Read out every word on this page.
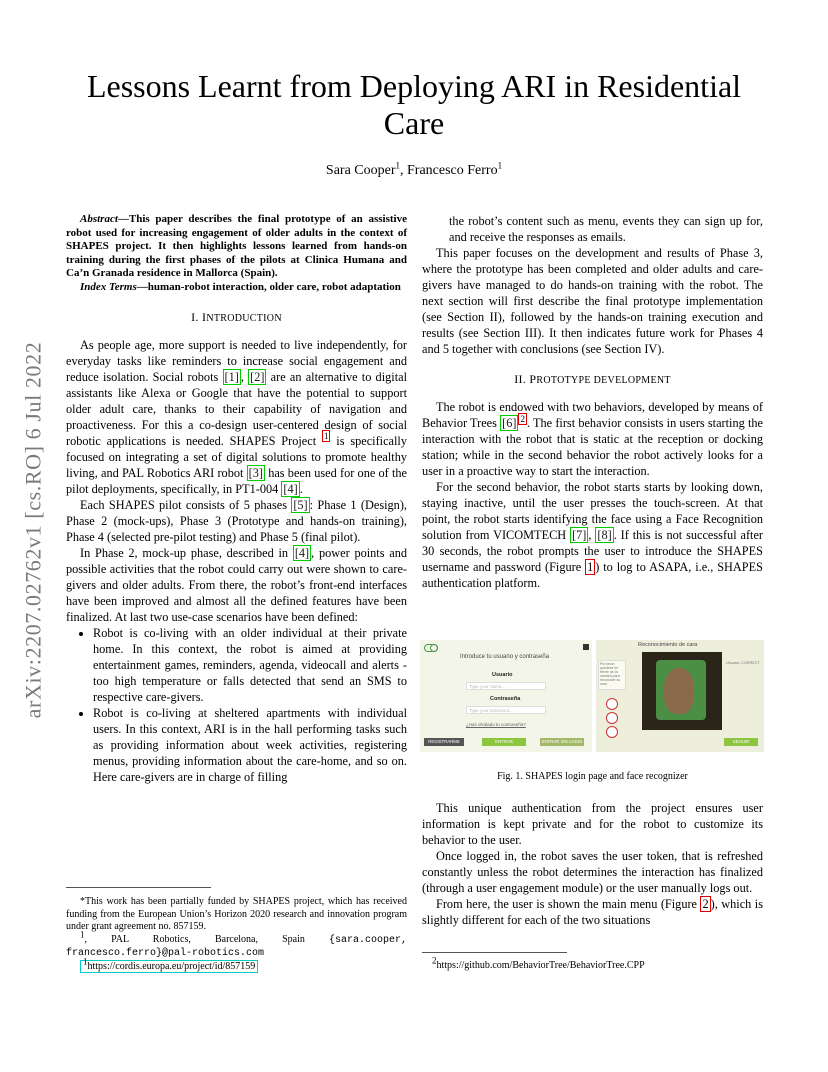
arXiv:2207.02762v1 [cs.RO] 6 Jul 2022
Lessons Learnt from Deploying ARI in Residential Care
Sara Cooper$^1$, Francesco Ferro$^1$

Abstract—This paper describes the final prototype of an assistive robot used for increasing engagement of older adults in the context of SHAPES project. It then highlights lessons learned from hands-on training during the first phases of the pilots at Clinica Humana and Ca’n Granada residence in Mallorca (Spain).

Index Terms—human-robot interaction, older care, robot adaptation

I. INTRODUCTION

As people age, more support is needed to live independently, for everyday tasks like reminders to increase social engagement and reduce isolation. Social robots [1] , [2] are an alternative to digital assistants like Alexa or Google that have the potential to support older adult care, thanks to their capability of navigation and proactiveness. For this a co-design user-centered design of social robotic applications is needed. SHAPES Project $^1$ is specifically focused on integrating a set of digital solutions to promote healthy living, and PAL Robotics ARI robot [3] has been used for one of the pilot deployments, specifically, in PT1-004 [4] .

Each SHAPES pilot consists of 5 phases [5] : Phase 1 (Design), Phase 2 (mock-ups), Phase 3 (Prototype and hands-on training), Phase 4 (selected pre-pilot testing) and Phase 5 (final pilot).

In Phase 2, mock-up phase, described in [4] , power points and possible activities that the robot could carry out were shown to care-givers and older adults. From there, the robot’s front-end interfaces have been improved and almost all the defined features have been finalized. At last two use-case scenarios have been defined:

• Robot is co-living with an older individual at their private home. In this context, the robot is aimed at providing entertainment games, reminders, agenda, videocall and alerts - too high temperature or falls detected that send an SMS to respective care-givers.
• Robot is co-living at sheltered apartments with individual users. In this context, ARI is in the hall performing tasks such as providing information about week activities, registering menus, providing information about the care-home, and so on. Here care-givers are in charge of filling

*This work has been partially funded by SHAPES project, which has received funding from the European Union’s Horizon 2020 research and innovation program under grant agreement no. 857159.

$^1$, PAL Robotics, Barcelona, Spain {sara.cooper, francesco.ferro}@pal-robotics.com

$^1$https://cordis.europa.eu/project/id/857159

the robot’s content such as menu, events they can sign up for, and receive the responses as emails.

This paper focuses on the development and results of Phase 3, where the prototype has been completed and older adults and care-givers have managed to do hands-on training with the robot. The next section will first describe the final prototype implementation (see Section II), followed by the hands-on training execution and results (see Section III). It then indicates future work for Phases 4 and 5 together with conclusions (see Section IV).

II. PROTOTYPE DEVELOPMENT

The robot is endowed with two behaviors, developed by means of Behavior Trees [6] $^2$ . The first behavior consists in users starting the interaction with the robot that is static at the reception or docking station; while in the second behavior the robot actively looks for a user in a proactive way to start the interaction.

For the second behavior, the robot starts starts by looking down, staying inactive, until the user presses the touch-screen. At that point, the robot starts identifying the face using a Face Recognition solution from VICOMTECH [7] , [8] . If this is not successful after 30 seconds, the robot prompts the user to introduce the SHAPES username and password (Figure 1 ) to log to ASAPA, i.e., SHAPES authentication platform.

Introduce tu usuario y contraseña
Usuario
Type your name...
Contraseña
Type your password...
¿Has olvidado tu contraseña?
REGISTRARME	ENTRAR	ENTRAR SIN LOGIN
Reconocimiento de cara
Por favor, quédese en frente de la cámara para reconocer su cara
Usuario: CORRECT
SEGUIR
Fig. 1. SHAPES login page and face recognizer

This unique authentication from the project ensures user information is kept private and for the robot to customize its behavior to the user.

Once logged in, the robot saves the user token, that is refreshed constantly unless the robot determines the interaction has finalized (through a user engagement module) or the user manually logs out.

From here, the user is shown the main menu (Figure 2 ), which is slightly different for each of the two situations

$^2$https://github.com/BehaviorTree/BehaviorTree.CPP
